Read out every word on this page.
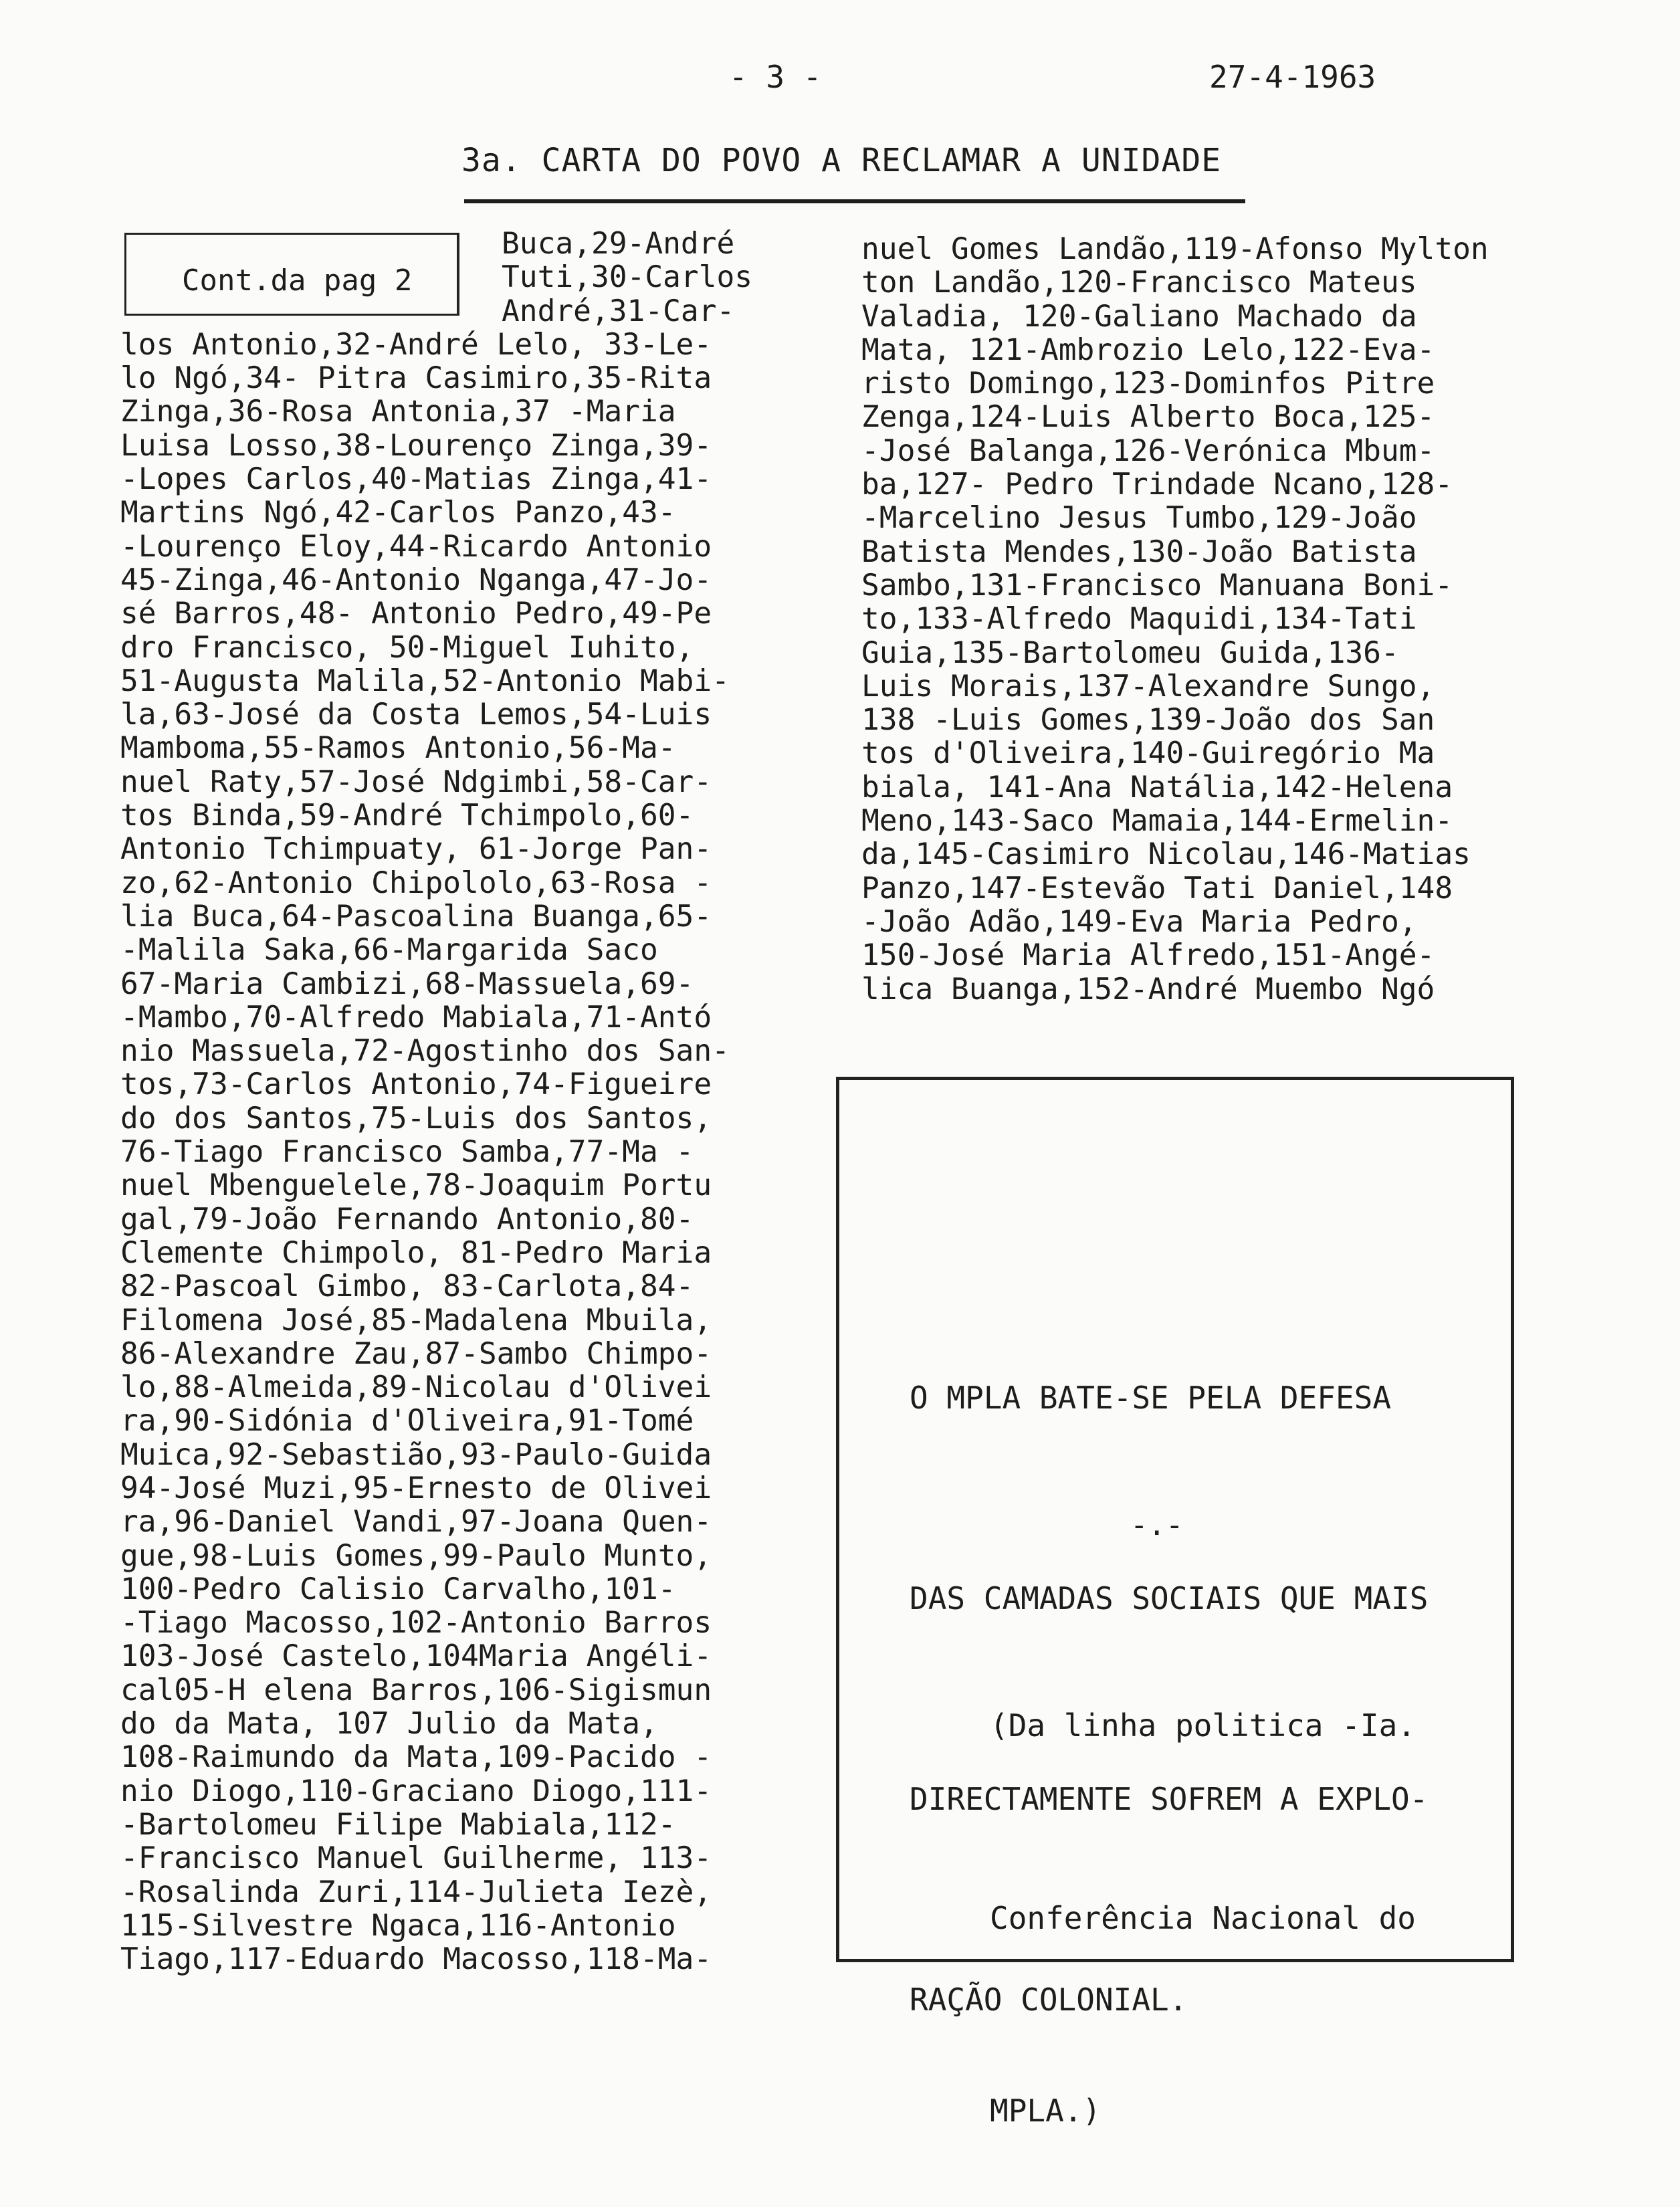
- 3 -	27-4-1963
3a. CARTA DO POVO A RECLAMAR A UNIDADE
Cont.da pag 2
Buca,29-André
Tuti,30-Carlos
André,31-Car-
los Antonio,32-André Lelo, 33-Le-
lo Ngó,34- Pitra Casimiro,35-Rita
Zinga,36-Rosa Antonia,37 -Maria
Luisa Losso,38-Lourenço Zinga,39-
-Lopes Carlos,40-Matias Zinga,41-
Martins Ngó,42-Carlos Panzo,43-
-Lourenço Eloy,44-Ricardo Antonio
45-Zinga,46-Antonio Nganga,47-Jo-
sé Barros,48- Antonio Pedro,49-Pe
dro Francisco, 50-Miguel Iuhito,
51-Augusta Malila,52-Antonio Mabi-
la,63-José da Costa Lemos,54-Luis
Mamboma,55-Ramos Antonio,56-Ma-
nuel Raty,57-José Ndgimbi,58-Car-
tos Binda,59-André Tchimpolo,60-
Antonio Tchimpuaty, 61-Jorge Pan-
zo,62-Antonio Chipololo,63-Rosa -
lia Buca,64-Pascoalina Buanga,65-
-Malila Saka,66-Margarida Saco
67-Maria Cambizi,68-Massuela,69-
-Mambo,70-Alfredo Mabiala,71-Antó
nio Massuela,72-Agostinho dos San-
tos,73-Carlos Antonio,74-Figueire
do dos Santos,75-Luis dos Santos,
76-Tiago Francisco Samba,77-Ma -
nuel Mbenguelele,78-Joaquim Portu
gal,79-João Fernando Antonio,80-
Clemente Chimpolo, 81-Pedro Maria
82-Pascoal Gimbo, 83-Carlota,84-
Filomena José,85-Madalena Mbuila,
86-Alexandre Zau,87-Sambo Chimpo-
lo,88-Almeida,89-Nicolau d'Olivei
ra,90-Sidónia d'Oliveira,91-Tomé
Muica,92-Sebastião,93-Paulo-Guida
94-José Muzi,95-Ernesto de Olivei
ra,96-Daniel Vandi,97-Joana Quen-
gue,98-Luis Gomes,99-Paulo Munto,
100-Pedro Calisio Carvalho,101-
-Tiago Macosso,102-Antonio Barros
103-José Castelo,104Maria Angéli-
cal05-H elena Barros,106-Sigismun
do da Mata, 107 Julio da Mata,
108-Raimundo da Mata,109-Pacido -
nio Diogo,110-Graciano Diogo,111-
-Bartolomeu Filipe Mabiala,112-
-Francisco Manuel Guilherme, 113-
-Rosalinda Zuri,114-Julieta Iezè,
115-Silvestre Ngaca,116-Antonio
Tiago,117-Eduardo Macosso,118-Ma-
nuel Gomes Landão,119-Afonso Mylton
ton Landão,120-Francisco Mateus
Valadia, 120-Galiano Machado da
Mata, 121-Ambrozio Lelo,122-Eva-
risto Domingo,123-Dominfos Pitre
Zenga,124-Luis Alberto Boca,125-
-José Balanga,126-Verónica Mbum-
ba,127- Pedro Trindade Ncano,128-
-Marcelino Jesus Tumbo,129-João
Batista Mendes,130-João Batista
Sambo,131-Francisco Manuana Boni-
to,133-Alfredo Maquidi,134-Tati
Guia,135-Bartolomeu Guida,136-
Luis Morais,137-Alexandre Sungo,
138 -Luis Gomes,139-João dos San
tos d'Oliveira,140-Guiregório Ma
biala, 141-Ana Natália,142-Helena
Meno,143-Saco Mamaia,144-Ermelin-
da,145-Casimiro Nicolau,146-Matias
Panzo,147-Estevão Tati Daniel,148
-João Adão,149-Eva Maria Pedro,
150-José Maria Alfredo,151-Angé-
lica Buanga,152-André Muembo Ngó

O MPLA BATE-SE PELA DEFESA

DAS CAMADAS SOCIAIS QUE MAIS

DIRECTAMENTE SOFREM A EXPLO-

RAÇÃO COLONIAL.

-.-

(Da linha politica -Ia.

Conferência Nacional do

MPLA.)
